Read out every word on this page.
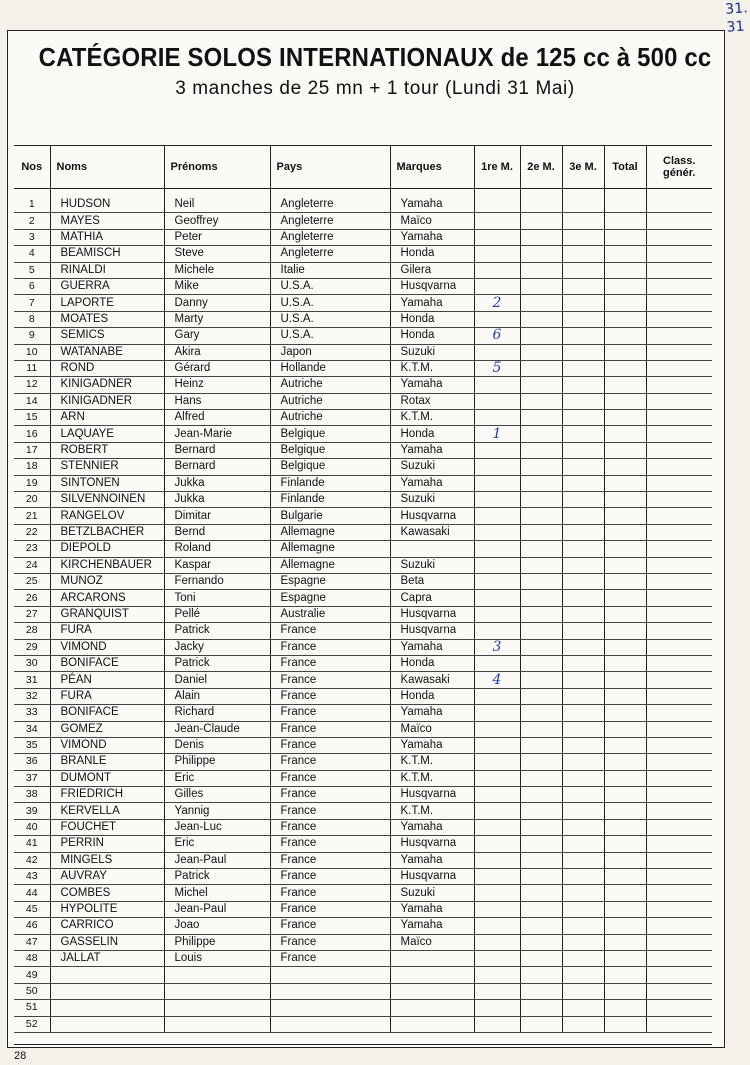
31.
31
CATÉGORIE SOLOS INTERNATIONAUX de 125 cc à 500 cc
3 manches de 25 mn + 1 tour (Lundi 31 Mai)
Nos	Noms	Prénoms	Pays	Marques	1re M.	2e M.	3e M.	Total	Class. génér.

1	HUDSON	Neil	Angleterre	Yamaha					
2	MAYES	Geoffrey	Angleterre	Maïco					
3	MATHIA	Peter	Angleterre	Yamaha					
4	BEAMISCH	Steve	Angleterre	Honda					
5	RINALDI	Michele	Italie	Gilera					
6	GUERRA	Mike	U.S.A.	Husqvarna					
7	LAPORTE	Danny	U.S.A.	Yamaha	2				
8	MOATES	Marty	U.S.A.	Honda					
9	SEMICS	Gary	U.S.A.	Honda	6				
10	WATANABE	Akira	Japon	Suzuki					
11	ROND	Gérard	Hollande	K.T.M.	5				
12	KINIGADNER	Heinz	Autriche	Yamaha					
14	KINIGADNER	Hans	Autriche	Rotax					
15	ARN	Alfred	Autriche	K.T.M.					
16	LAQUAYE	Jean-Marie	Belgique	Honda	1				
17	ROBERT	Bernard	Belgique	Yamaha					
18	STENNIER	Bernard	Belgique	Suzuki					
19	SINTONEN	Jukka	Finlande	Yamaha					
20	SILVENNOINEN	Jukka	Finlande	Suzuki					
21	RANGELOV	Dimitar	Bulgarie	Husqvarna					
22	BETZLBACHER	Bernd	Allemagne	Kawasaki					
23	DIEPOLD	Roland	Allemagne						
24	KIRCHENBAUER	Kaspar	Allemagne	Suzuki					
25	MUNOZ	Fernando	Espagne	Beta					
26	ARCARONS	Toni	Espagne	Capra					
27	GRANQUIST	Pellé	Australie	Husqvarna					
28	FURA	Patrick	France	Husqvarna					
29	VIMOND	Jacky	France	Yamaha	3				
30	BONIFACE	Patrick	France	Honda					
31	PÉAN	Daniel	France	Kawasaki	4				
32	FURA	Alain	France	Honda					
33	BONIFACE	Richard	France	Yamaha					
34	GOMEZ	Jean-Claude	France	Maïco					
35	VIMOND	Denis	France	Yamaha					
36	BRANLE	Philippe	France	K.T.M.					
37	DUMONT	Eric	France	K.T.M.					
38	FRIEDRICH	Gilles	France	Husqvarna					
39	KERVELLA	Yannig	France	K.T.M.					
40	FOUCHET	Jean-Luc	France	Yamaha					
41	PERRIN	Eric	France	Husqvarna					
42	MINGELS	Jean-Paul	France	Yamaha					
43	AUVRAY	Patrick	France	Husqvarna					
44	COMBES	Michel	France	Suzuki					
45	HYPOLITE	Jean-Paul	France	Yamaha					
46	CARRICO	Joao	France	Yamaha					
47	GASSELIN	Philippe	France	Maïco					
48	JALLAT	Louis	France						
49									
50									
51									
52									
28
